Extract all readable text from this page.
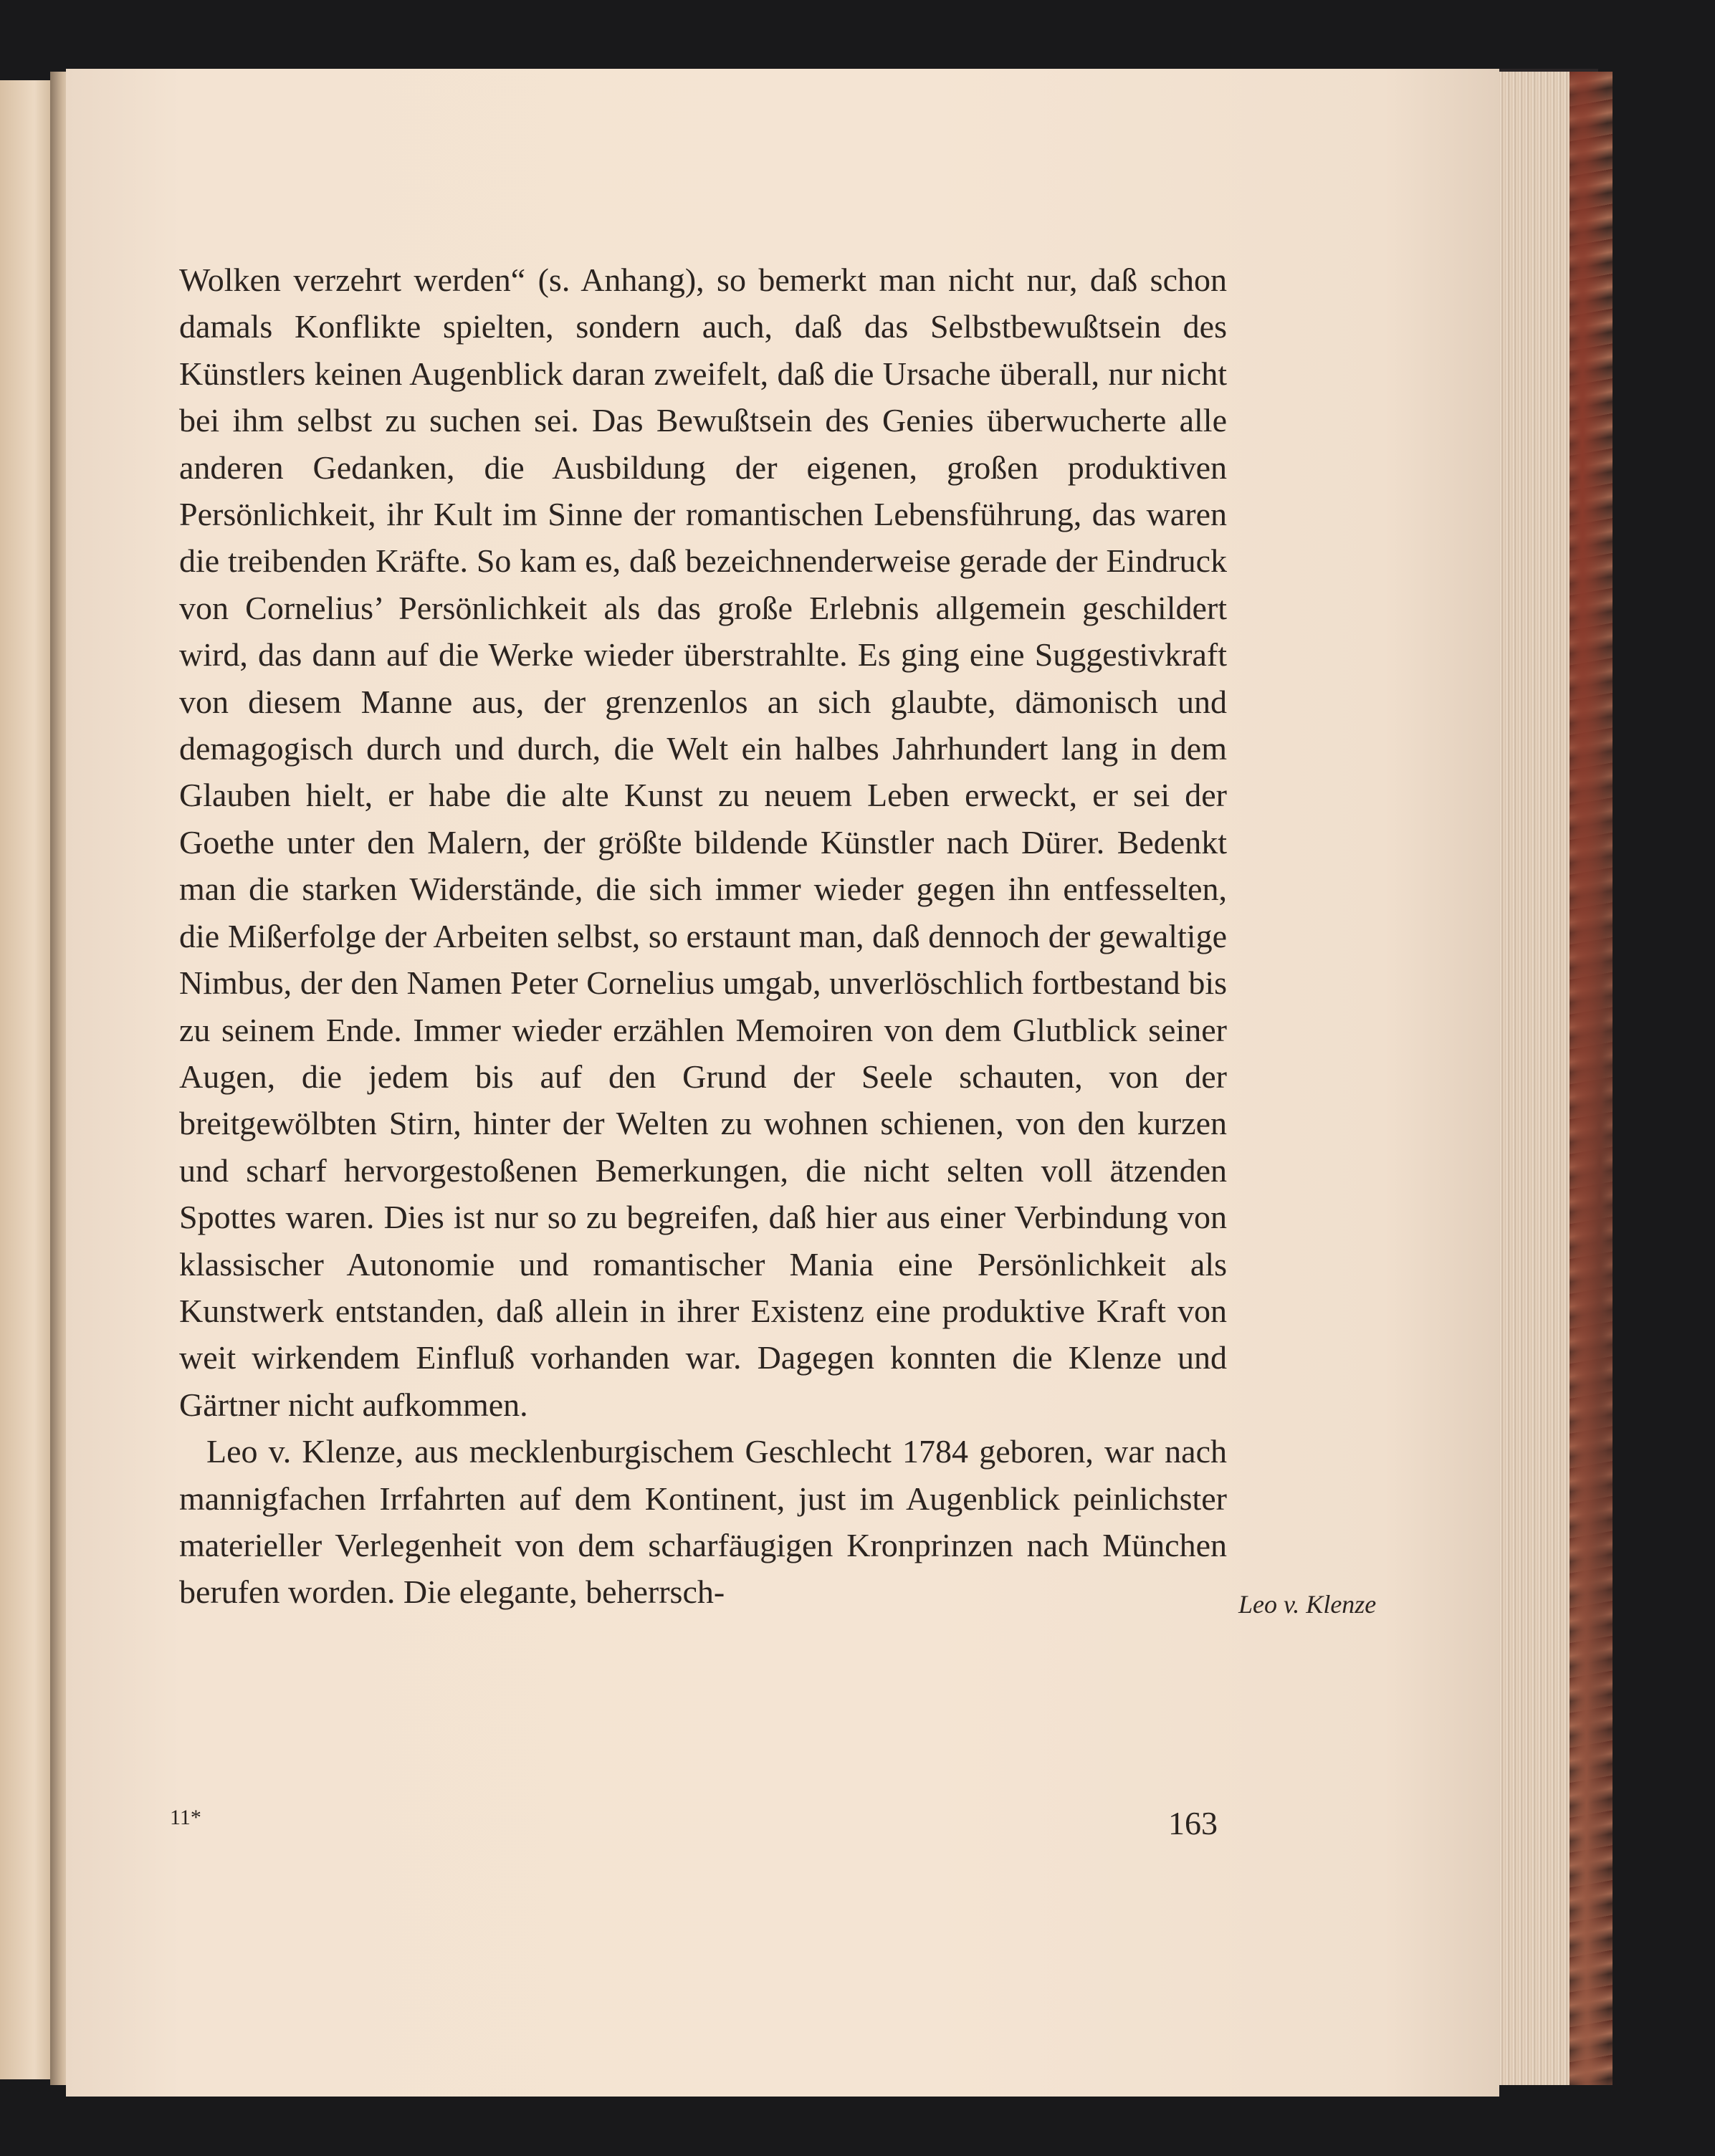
Wolken verzehrt werden“ (s. Anhang), so bemerkt man nicht nur, daß schon damals Konflikte spielten, sondern auch, daß das Selbstbewußtsein des Künstlers keinen Augenblick daran zweifelt, daß die Ursache überall, nur nicht bei ihm selbst zu suchen sei. Das Bewußtsein des Genies überwucherte alle anderen Gedanken, die Ausbildung der eigenen, großen produktiven Persönlichkeit, ihr Kult im Sinne der romantischen Lebensführung, das waren die treibenden Kräfte. So kam es, daß bezeichnenderweise gerade der Eindruck von Cornelius’ Persönlichkeit als das große Erlebnis allgemein geschildert wird, das dann auf die Werke wieder überstrahlte. Es ging eine Suggestivkraft von diesem Manne aus, der grenzenlos an sich glaubte, dämonisch und demagogisch durch und durch, die Welt ein halbes Jahrhundert lang in dem Glauben hielt, er habe die alte Kunst zu neuem Leben erweckt, er sei der Goethe unter den Malern, der größte bildende Künstler nach Dürer. Bedenkt man die starken Widerstände, die sich immer wieder gegen ihn entfesselten, die Mißerfolge der Arbeiten selbst, so erstaunt man, daß dennoch der gewaltige Nimbus, der den Namen Peter Cornelius umgab, unverlöschlich fortbestand bis zu seinem Ende. Immer wieder erzählen Memoiren von dem Glutblick seiner Augen, die jedem bis auf den Grund der Seele schauten, von der breitgewölbten Stirn, hinter der Welten zu wohnen schienen, von den kurzen und scharf hervorgestoßenen Bemerkungen, die nicht selten voll ätzenden Spottes waren. Dies ist nur so zu begreifen, daß hier aus einer Verbindung von klassischer Autonomie und romantischer Mania eine Persönlichkeit als Kunstwerk entstanden, daß allein in ihrer Existenz eine produktive Kraft von weit wirkendem Einfluß vorhanden war. Dagegen konnten die Klenze und Gärtner nicht aufkommen.

Leo v. Klenze, aus mecklenburgischem Geschlecht 1784 geboren, war nach mannigfachen Irrfahrten auf dem Kontinent, just im Augenblick peinlichster materieller Verlegenheit von dem scharfäugigen Kronprinzen nach München berufen worden. Die elegante, beherrsch-	Leo v. Klenze
11*	163
